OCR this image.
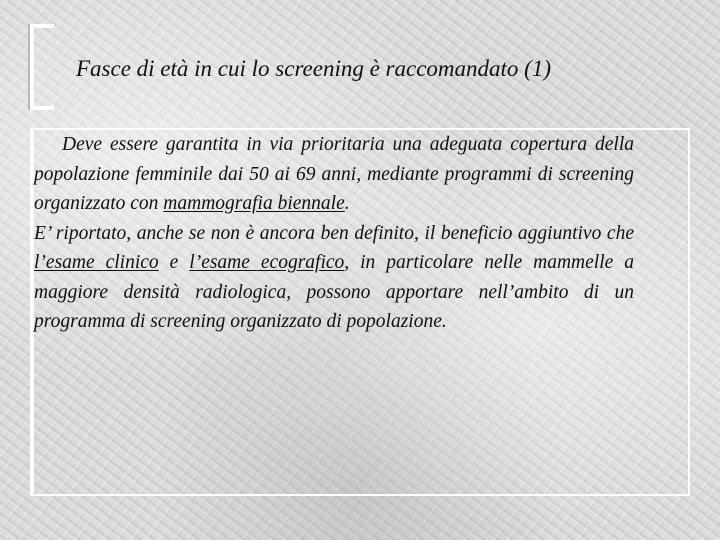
Fasce di età in cui lo screening è raccomandato (1)

Deve essere garantita in via prioritaria una adeguata copertura della popolazione femminile dai 50 ai 69 anni, mediante programmi di screening organizzato con mammografia biennale.

E’ riportato, anche se non è ancora ben definito, il beneficio aggiuntivo che l’esame clinico e l’esame ecografico, in particolare nelle mammelle a maggiore densità radiologica, possono apportare nell’ambito di un programma di screening organizzato di popolazione.
